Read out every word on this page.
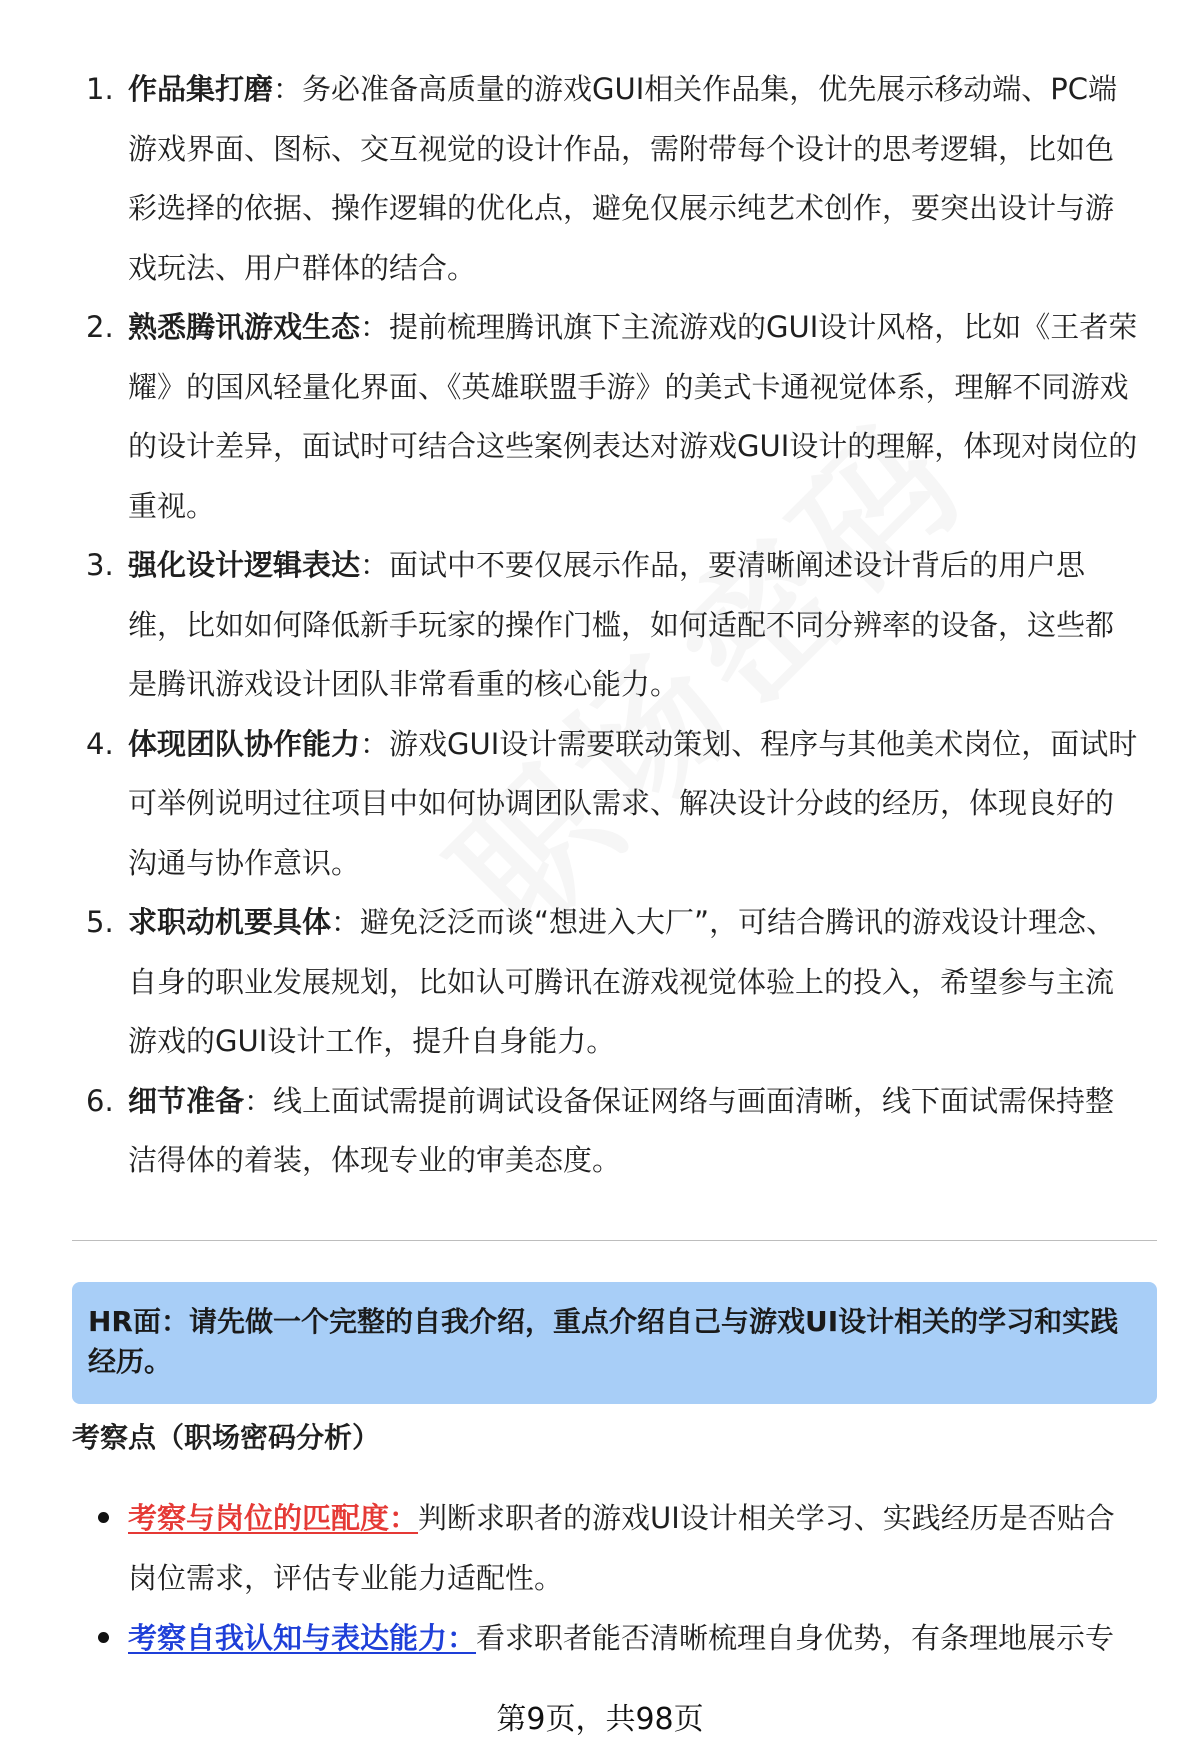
1. 作品集打磨：务必准备高质量的游戏GUI相关作品集，优先展示移动端、PC端游戏界面、图标、交互视觉的设计作品，需附带每个设计的思考逻辑，比如色彩选择的依据、操作逻辑的优化点，避免仅展示纯艺术创作，要突出设计与游戏玩法、用户群体的结合。
2. 熟悉腾讯游戏生态：提前梳理腾讯旗下主流游戏的GUI设计风格，比如《王者荣耀》的国风轻量化界面、《英雄联盟手游》的美式卡通视觉体系，理解不同游戏的设计差异，面试时可结合这些案例表达对游戏GUI设计的理解，体现对岗位的重视。
3. 强化设计逻辑表达：面试中不要仅展示作品，要清晰阐述设计背后的用户思维，比如如何降低新手玩家的操作门槛，如何适配不同分辨率的设备，这些都是腾讯游戏设计团队非常看重的核心能力。
4. 体现团队协作能力：游戏GUI设计需要联动策划、程序与其他美术岗位，面试时可举例说明过往项目中如何协调团队需求、解决设计分歧的经历，体现良好的沟通与协作意识。
5. 求职动机要具体：避免泛泛而谈“想进入大厂”，可结合腾讯的游戏设计理念、自身的职业发展规划，比如认可腾讯在游戏视觉体验上的投入，希望参与主流游戏的GUI设计工作，提升自身能力。
6. 细节准备：线上面试需提前调试设备保证网络与画面清晰，线下面试需保持整洁得体的着装，体现专业的审美态度。
HR面：请先做一个完整的自我介绍，重点介绍自己与游戏UI设计相关的学习和实践经历。
考察点（职场密码分析）
考察与岗位的匹配度：判断求职者的游戏UI设计相关学习、实践经历是否贴合岗位需求，评估专业能力适配性。
考察自我认知与表达能力：看求职者能否清晰梳理自身优势，有条理地展示专
第9页，共98页
